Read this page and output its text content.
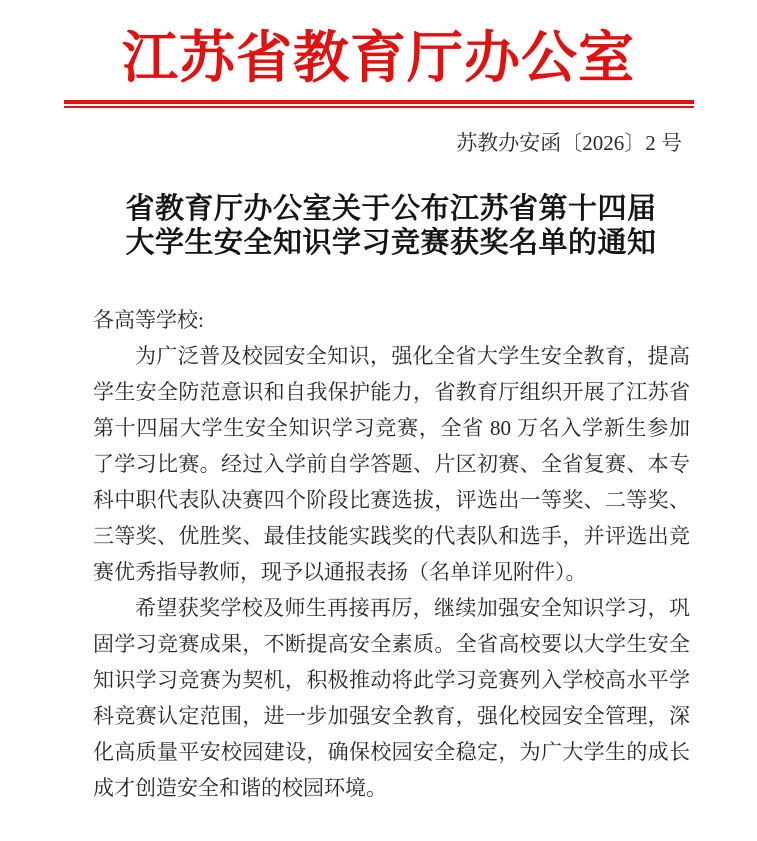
江苏省教育厅办公室
苏教办安函〔2026〕2 号
省教育厅办公室关于公布江苏省第十四届
大学生安全知识学习竞赛获奖名单的通知
各高等学校:
为广泛普及校园安全知识，强化全省大学生安全教育，提高
学生安全防范意识和自我保护能力，省教育厅组织开展了江苏省
第十四届大学生安全知识学习竞赛，全省 80 万名入学新生参加
了学习比赛。经过入学前自学答题、片区初赛、全省复赛、本专
科中职代表队决赛四个阶段比赛选拔，评选出一等奖、二等奖、
三等奖、优胜奖、最佳技能实践奖的代表队和选手，并评选出竞
赛优秀指导教师，现予以通报表扬（名单详见附件）。
希望获奖学校及师生再接再厉，继续加强安全知识学习，巩
固学习竞赛成果，不断提高安全素质。全省高校要以大学生安全
知识学习竞赛为契机，积极推动将此学习竞赛列入学校高水平学
科竞赛认定范围，进一步加强安全教育，强化校园安全管理，深
化高质量平安校园建设，确保校园安全稳定，为广大学生的成长
成才创造安全和谐的校园环境。
